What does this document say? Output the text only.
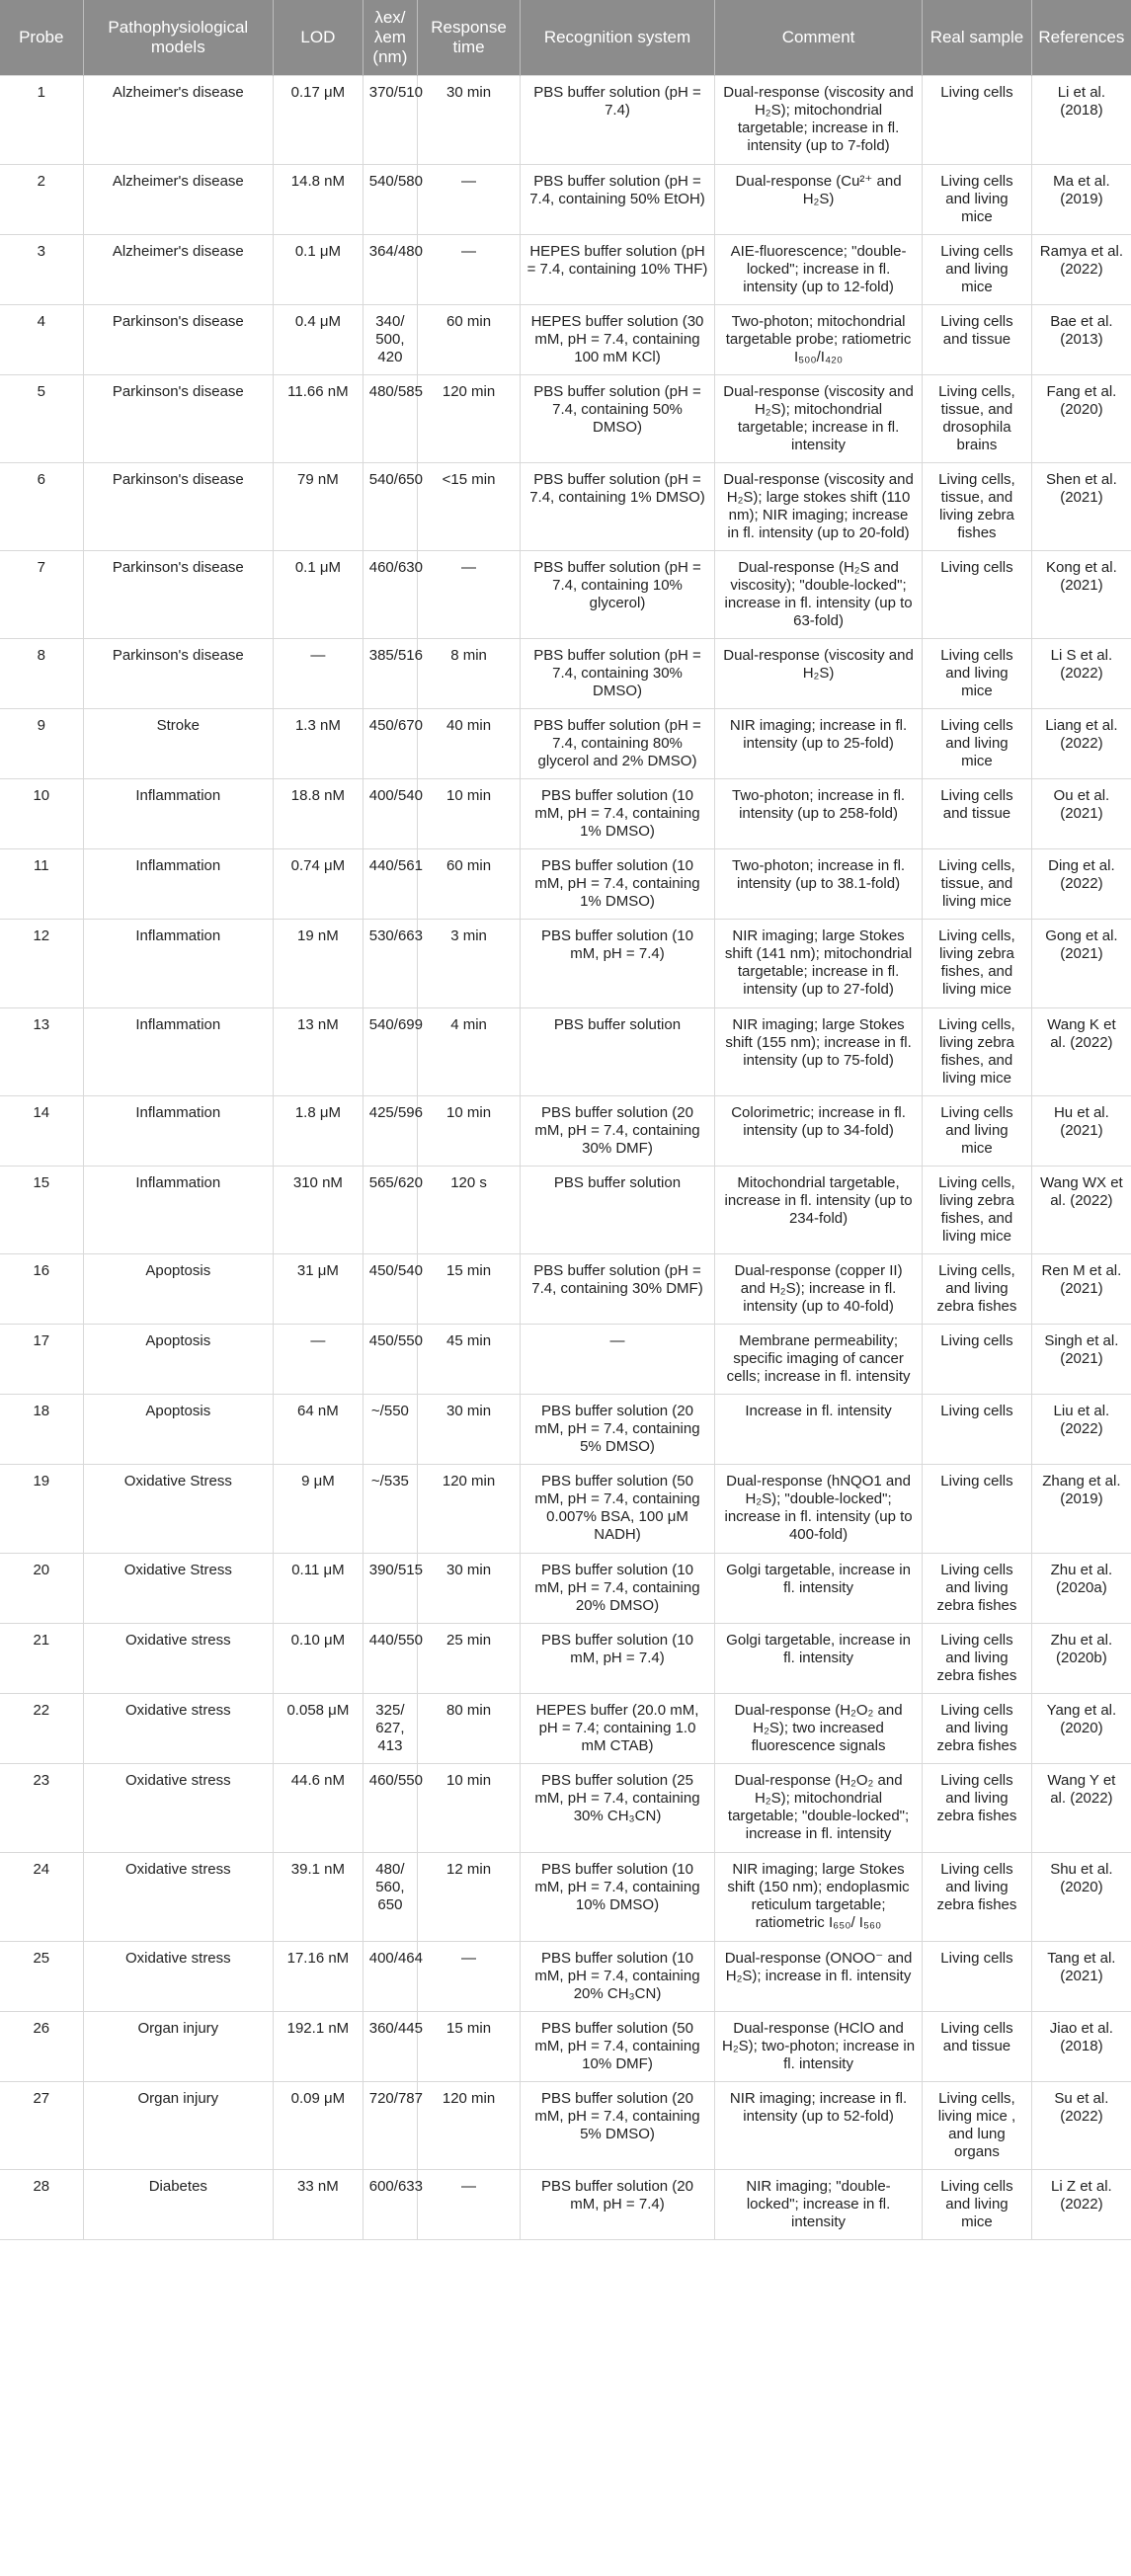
Probe	Pathophysiological models	LOD	λex/ λem (nm)	Response time	Recognition system	Comment	Real sample	References
1	Alzheimer's disease	0.17 μM	370/510	30 min	PBS buffer solution (pH = 7.4)	Dual-response (viscosity and H₂S); mitochondrial targetable; increase in fl. intensity (up to 7-fold)	Living cells	Li et al. (2018)
2	Alzheimer's disease	14.8 nM	540/580	—	PBS buffer solution (pH = 7.4, containing 50% EtOH)	Dual-response (Cu²⁺ and H₂S)	Living cells and living mice	Ma et al. (2019)
3	Alzheimer's disease	0.1 μM	364/480	—	HEPES buffer solution (pH = 7.4, containing 10% THF)	AIE-fluorescence; "double-locked"; increase in fl. intensity (up to 12-fold)	Living cells and living mice	Ramya et al. (2022)
4	Parkinson's disease	0.4 μM	340/ 500, 420	60 min	HEPES buffer solution (30 mM, pH = 7.4, containing 100 mM KCl)	Two-photon; mitochondrial targetable probe; ratiometric I₅₀₀/I₄₂₀	Living cells and tissue	Bae et al. (2013)
5	Parkinson's disease	11.66 nM	480/585	120 min	PBS buffer solution (pH = 7.4, containing 50% DMSO)	Dual-response (viscosity and H₂S); mitochondrial targetable; increase in fl. intensity	Living cells, tissue, and drosophila brains	Fang et al. (2020)
6	Parkinson's disease	79 nM	540/650	<15 min	PBS buffer solution (pH = 7.4, containing 1% DMSO)	Dual-response (viscosity and H₂S); large stokes shift (110 nm); NIR imaging; increase in fl. intensity (up to 20-fold)	Living cells, tissue, and living zebra fishes	Shen et al. (2021)
7	Parkinson's disease	0.1 μM	460/630	—	PBS buffer solution (pH = 7.4, containing 10% glycerol)	Dual-response (H₂S and viscosity); "double-locked"; increase in fl. intensity (up to 63-fold)	Living cells	Kong et al. (2021)
8	Parkinson's disease	—	385/516	8 min	PBS buffer solution (pH = 7.4, containing 30% DMSO)	Dual-response (viscosity and H₂S)	Living cells and living mice	Li S et al. (2022)
9	Stroke	1.3 nM	450/670	40 min	PBS buffer solution (pH = 7.4, containing 80% glycerol and 2% DMSO)	NIR imaging; increase in fl. intensity (up to 25-fold)	Living cells and living mice	Liang et al. (2022)
10	Inflammation	18.8 nM	400/540	10 min	PBS buffer solution (10 mM, pH = 7.4, containing 1% DMSO)	Two-photon; increase in fl. intensity (up to 258-fold)	Living cells and tissue	Ou et al. (2021)
11	Inflammation	0.74 μM	440/561	60 min	PBS buffer solution (10 mM, pH = 7.4, containing 1% DMSO)	Two-photon; increase in fl. intensity (up to 38.1-fold)	Living cells, tissue, and living mice	Ding et al. (2022)
12	Inflammation	19 nM	530/663	3 min	PBS buffer solution (10 mM, pH = 7.4)	NIR imaging; large Stokes shift (141 nm); mitochondrial targetable; increase in fl. intensity (up to 27-fold)	Living cells, living zebra fishes, and living mice	Gong et al. (2021)
13	Inflammation	13 nM	540/699	4 min	PBS buffer solution	NIR imaging; large Stokes shift (155 nm); increase in fl. intensity (up to 75-fold)	Living cells, living zebra fishes, and living mice	Wang K et al. (2022)
14	Inflammation	1.8 μM	425/596	10 min	PBS buffer solution (20 mM, pH = 7.4, containing 30% DMF)	Colorimetric; increase in fl. intensity (up to 34-fold)	Living cells and living mice	Hu et al. (2021)
15	Inflammation	310 nM	565/620	120 s	PBS buffer solution	Mitochondrial targetable, increase in fl. intensity (up to 234-fold)	Living cells, living zebra fishes, and living mice	Wang WX et al. (2022)
16	Apoptosis	31 μM	450/540	15 min	PBS buffer solution (pH = 7.4, containing 30% DMF)	Dual-response (copper II) and H₂S); increase in fl. intensity (up to 40-fold)	Living cells, and living zebra fishes	Ren M et al. (2021)
17	Apoptosis	—	450/550	45 min	—	Membrane permeability; specific imaging of cancer cells; increase in fl. intensity	Living cells	Singh et al. (2021)
18	Apoptosis	64 nM	~/550	30 min	PBS buffer solution (20 mM, pH = 7.4, containing 5% DMSO)	Increase in fl. intensity	Living cells	Liu et al. (2022)
19	Oxidative Stress	9 μM	~/535	120 min	PBS buffer solution (50 mM, pH = 7.4, containing 0.007% BSA, 100 μM NADH)	Dual-response (hNQO1 and H₂S); "double-locked"; increase in fl. intensity (up to 400-fold)	Living cells	Zhang et al. (2019)
20	Oxidative Stress	0.11 μM	390/515	30 min	PBS buffer solution (10 mM, pH = 7.4, containing 20% DMSO)	Golgi targetable, increase in fl. intensity	Living cells and living zebra fishes	Zhu et al. (2020a)
21	Oxidative stress	0.10 μM	440/550	25 min	PBS buffer solution (10 mM, pH = 7.4)	Golgi targetable, increase in fl. intensity	Living cells and living zebra fishes	Zhu et al. (2020b)
22	Oxidative stress	0.058 μM	325/ 627, 413	80 min	HEPES buffer (20.0 mM, pH = 7.4; containing 1.0 mM CTAB)	Dual-response (H₂O₂ and H₂S); two increased fluorescence signals	Living cells and living zebra fishes	Yang et al. (2020)
23	Oxidative stress	44.6 nM	460/550	10 min	PBS buffer solution (25 mM, pH = 7.4, containing 30% CH₃CN)	Dual-response (H₂O₂ and H₂S); mitochondrial targetable; "double-locked"; increase in fl. intensity	Living cells and living zebra fishes	Wang Y et al. (2022)
24	Oxidative stress	39.1 nM	480/ 560, 650	12 min	PBS buffer solution (10 mM, pH = 7.4, containing 10% DMSO)	NIR imaging; large Stokes shift (150 nm); endoplasmic reticulum targetable; ratiometric I₆₅₀/ I₅₆₀	Living cells and living zebra fishes	Shu et al. (2020)
25	Oxidative stress	17.16 nM	400/464	—	PBS buffer solution (10 mM, pH = 7.4, containing 20% CH₃CN)	Dual-response (ONOO⁻ and H₂S); increase in fl. intensity	Living cells	Tang et al. (2021)
26	Organ injury	192.1 nM	360/445	15 min	PBS buffer solution (50 mM, pH = 7.4, containing 10% DMF)	Dual-response (HClO and H₂S); two-photon; increase in fl. intensity	Living cells and tissue	Jiao et al. (2018)
27	Organ injury	0.09 μM	720/787	120 min	PBS buffer solution (20 mM, pH = 7.4, containing 5% DMSO)	NIR imaging; increase in fl. intensity (up to 52-fold)	Living cells, living mice , and lung organs	Su et al. (2022)
28	Diabetes	33 nM	600/633	—	PBS buffer solution (20 mM, pH = 7.4)	NIR imaging; "double-locked"; increase in fl. intensity	Living cells and living mice	Li Z et al. (2022)
